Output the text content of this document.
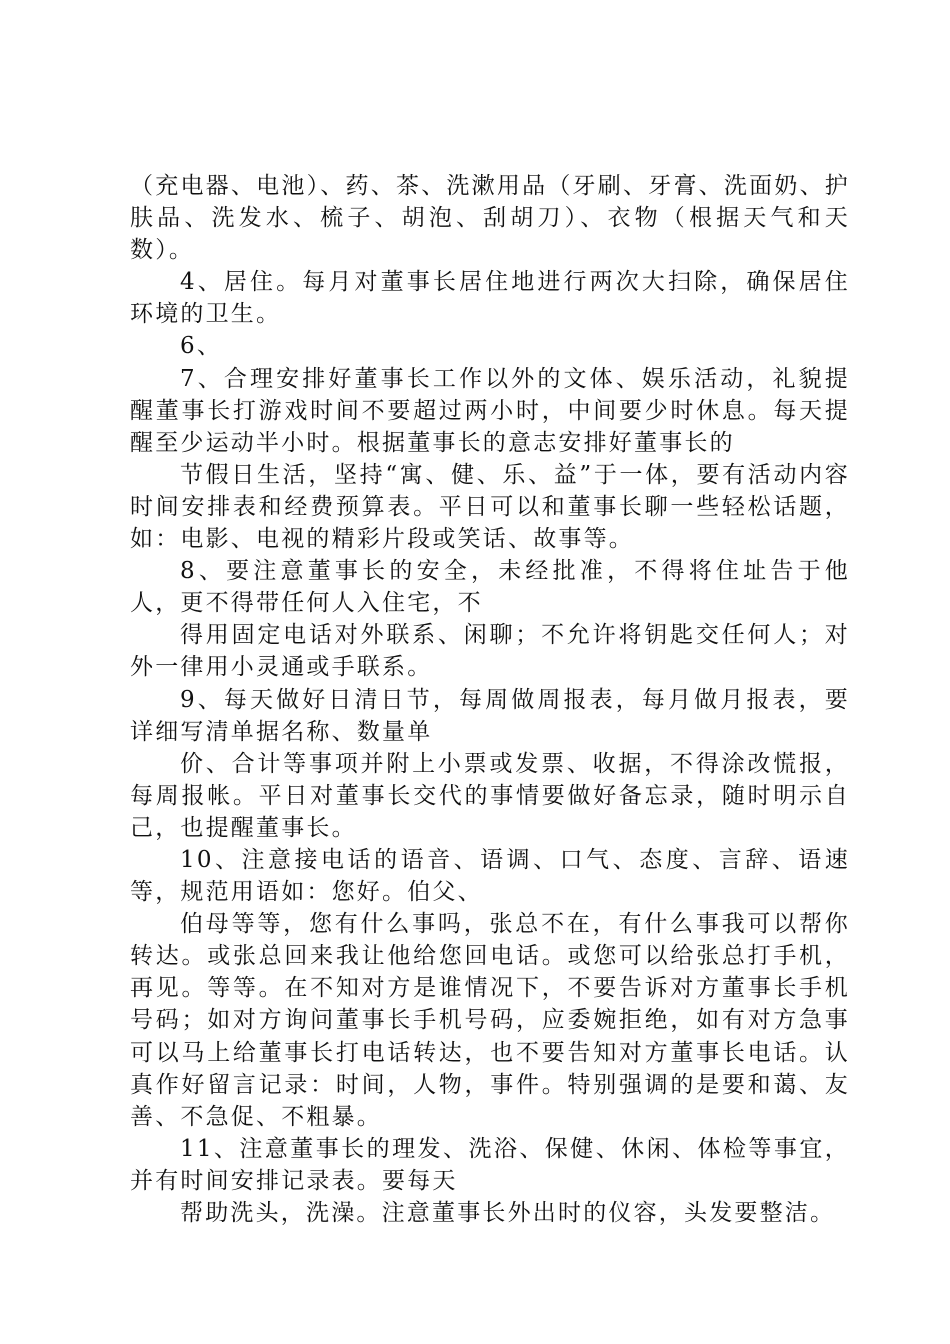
（充电器、电池）、药、茶、洗漱用品（牙刷、牙膏、洗面奶、护肤品、洗发水、梳子、胡泡、刮胡刀）、衣物（根据天气和天数）。

4、居住。每月对董事长居住地进行两次大扫除，确保居住环境的卫生。

6、

7、合理安排好董事长工作以外的文体、娱乐活动，礼貌提醒董事长打游戏时间不要超过两小时，中间要少时休息。每天提醒至少运动半小时。根据董事长的意志安排好董事长的

节假日生活，坚持“寓、健、乐、益”于一体，要有活动内容时间安排表和经费预算表。平日可以和董事长聊一些轻松话题，如：电影、电视的精彩片段或笑话、故事等。

8、要注意董事长的安全，未经批准，不得将住址告于他人，更不得带任何人入住宅，不

得用固定电话对外联系、闲聊；不允许将钥匙交任何人；对外一律用小灵通或手联系。

9、每天做好日清日节，每周做周报表，每月做月报表，要详细写清单据名称、数量单

价、合计等事项并附上小票或发票、收据，不得涂改慌报，每周报帐。平日对董事长交代的事情要做好备忘录，随时明示自己，也提醒董事长。

10、注意接电话的语音、语调、口气、态度、言辞、语速等，规范用语如：您好。伯父、

伯母等等，您有什么事吗，张总不在，有什么事我可以帮你转达。或张总回来我让他给您回电话。或您可以给张总打手机，再见。等等。在不知对方是谁情况下，不要告诉对方董事长手机号码；如对方询问董事长手机号码，应委婉拒绝，如有对方急事可以马上给董事长打电话转达，也不要告知对方董事长电话。认真作好留言记录：时间，人物，事件。特别强调的是要和蔼、友善、不急促、不粗暴。

11、注意董事长的理发、洗浴、保健、休闲、体检等事宜，并有时间安排记录表。要每天

帮助洗头，洗澡。注意董事长外出时的仪容，头发要整洁。
